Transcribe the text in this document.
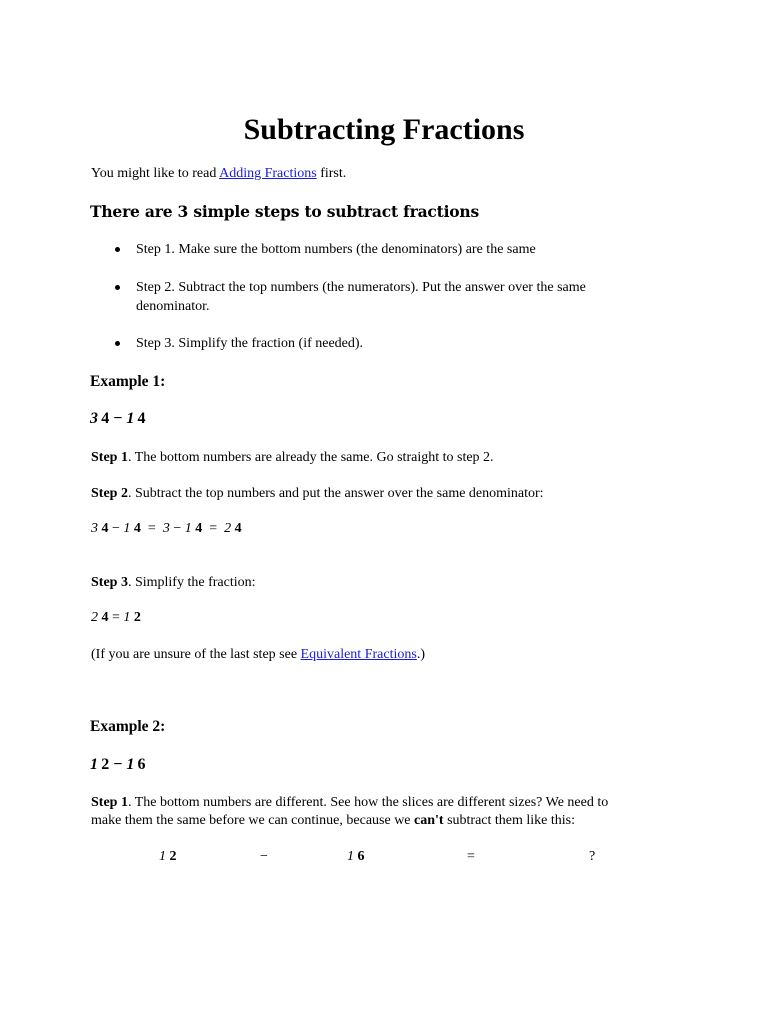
Subtracting Fractions
You might like to read Adding Fractions first.
There are 3 simple steps to subtract fractions
Step 1. Make sure the bottom numbers (the denominators) are the same
Step 2. Subtract the top numbers (the numerators). Put the answer over the same
denominator.
Step 3. Simplify the fraction (if needed).
Example 1:
3  4 − 1  4
Step 1. The bottom numbers are already the same. Go straight to step 2.
Step 2. Subtract the top numbers and put the answer over the same denominator:
3 4 − 1 4  =  3 − 1 4  =  2 4
Step 3. Simplify the fraction:
2 4 = 1 2
(If you are unsure of the last step see Equivalent Fractions.)
Example 2:
1  2 − 1  6
Step 1. The bottom numbers are different. See how the slices are different sizes? We need to
make them the same before we can continue, because we can't subtract them like this:
1 2	−	1 6	=	?
